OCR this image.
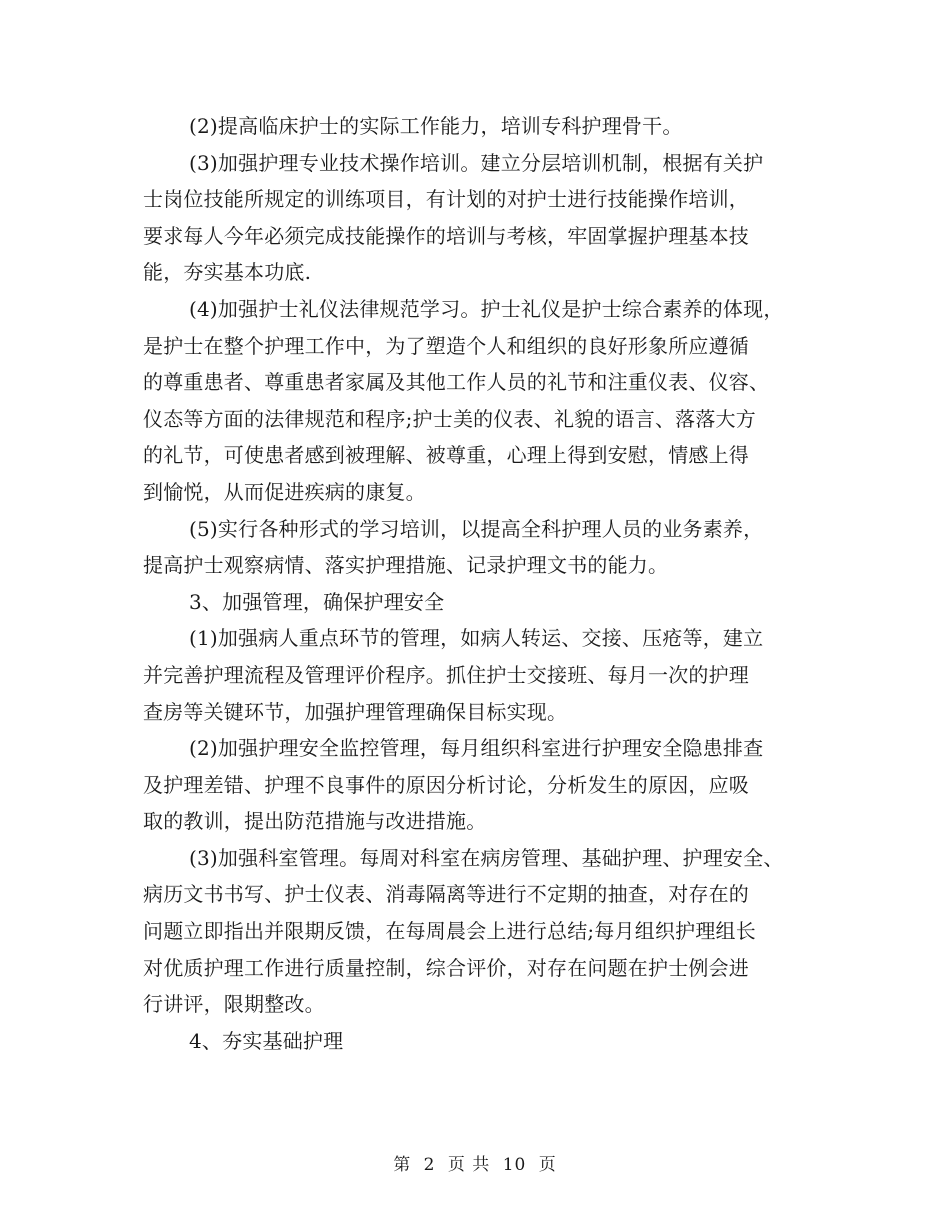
(2)提高临床护士的实际工作能力，培训专科护理骨干。
(3)加强护理专业技术操作培训。建立分层培训机制，根据有关护
士岗位技能所规定的训练项目，有计划的对护士进行技能操作培训，
要求每人今年必须完成技能操作的培训与考核，牢固掌握护理基本技
能，夯实基本功底.
(4)加强护士礼仪法律规范学习。护士礼仪是护士综合素养的体现，
是护士在整个护理工作中，为了塑造个人和组织的良好形象所应遵循
的尊重患者、尊重患者家属及其他工作人员的礼节和注重仪表、仪容、
仪态等方面的法律规范和程序;护士美的仪表、礼貌的语言、落落大方
的礼节，可使患者感到被理解、被尊重，心理上得到安慰，情感上得
到愉悦，从而促进疾病的康复。
(5)实行各种形式的学习培训，以提高全科护理人员的业务素养，
提高护士观察病情、落实护理措施、记录护理文书的能力。
3、加强管理，确保护理安全
(1)加强病人重点环节的管理，如病人转运、交接、压疮等，建立
并完善护理流程及管理评价程序。抓住护士交接班、每月一次的护理
查房等关键环节，加强护理管理确保目标实现。
(2)加强护理安全监控管理，每月组织科室进行护理安全隐患排查
及护理差错、护理不良事件的原因分析讨论，分析发生的原因，应吸
取的教训，提出防范措施与改进措施。
(3)加强科室管理。每周对科室在病房管理、基础护理、护理安全、
病历文书书写、护士仪表、消毒隔离等进行不定期的抽查，对存在的
问题立即指出并限期反馈，在每周晨会上进行总结;每月组织护理组长
对优质护理工作进行质量控制，综合评价，对存在问题在护士例会进
行讲评，限期整改。
4、夯实基础护理
第 2 页 共 10 页
